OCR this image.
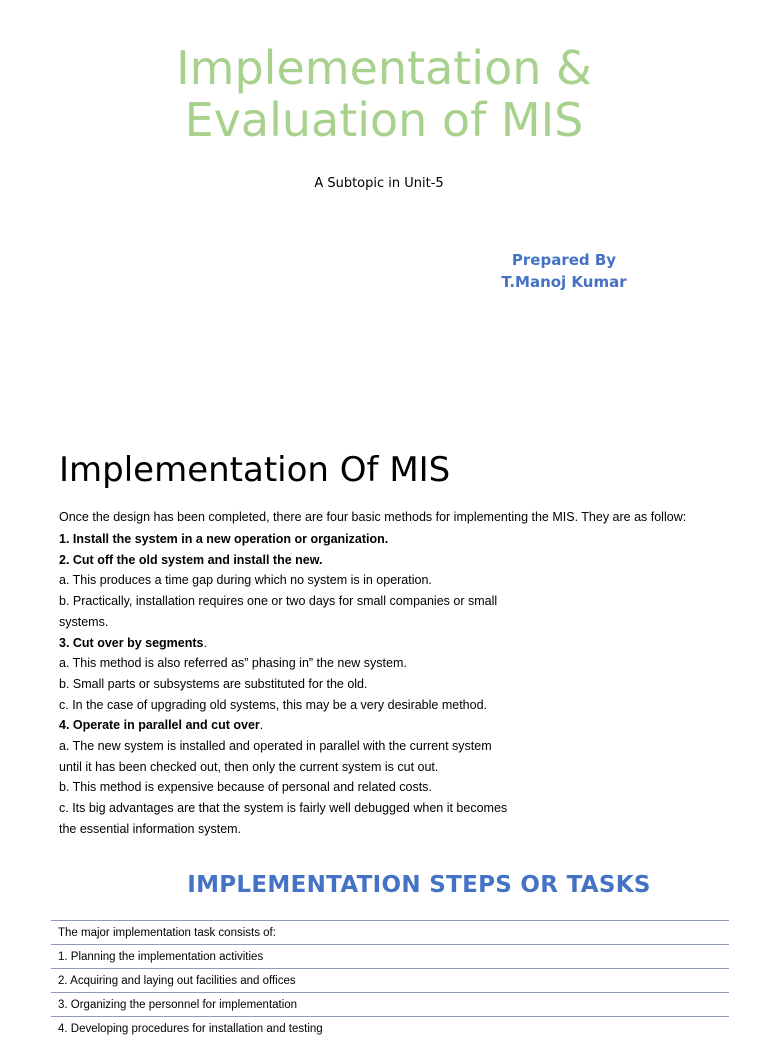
Implementation &
Evaluation of MIS
A Subtopic in Unit-5
Prepared By
T.Manoj Kumar
Implementation Of MIS

Once the design has been completed, there are four basic methods for implementing the MIS. They are as follow:

1. Install the system in a new operation or organization.
2. Cut off the old system and install the new.
a. This produces a time gap during which no system is in operation.
b. Practically, installation requires one or two days for small companies or small
systems.
3. Cut over by segments.
a. This method is also referred as” phasing in” the new system.
b. Small parts or subsystems are substituted for the old.
c. In the case of upgrading old systems, this may be a very desirable method.
4. Operate in parallel and cut over.
a. The new system is installed and operated in parallel with the current system
until it has been checked out, then only the current system is cut out.
b. This method is expensive because of personal and related costs.
c. Its big advantages are that the system is fairly well debugged when it becomes
the essential information system.
IMPLEMENTATION STEPS OR TASKS
The major implementation task consists of:
1. Planning the implementation activities
2. Acquiring and laying out facilities and offices
3. Organizing the personnel for implementation
4. Developing procedures for installation and testing
